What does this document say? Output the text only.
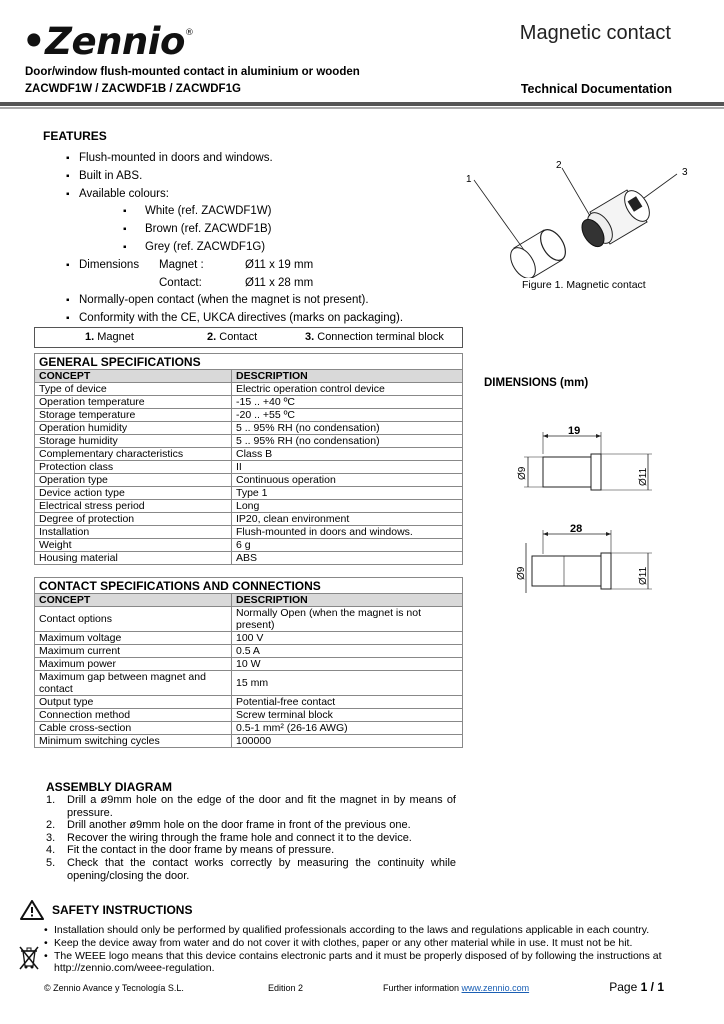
•Zennio®	Magnetic contact
Door/window flush-mounted contact in aluminium or wooden
ZACWDF1W / ZACWDF1B / ZACWDF1G	Technical Documentation
FEATURES
▪ Flush-mounted in doors and windows.
▪ Built in ABS.
▪ Available colours:
▪ White (ref. ZACWDF1W)
▪ Brown (ref. ZACWDF1B)
▪ Grey (ref. ZACWDF1G)
▪ Dimensions Magnet :	Ø11 x 19 mm
Contact:	Ø11 x 28 mm
▪ Normally-open contact (when the magnet is not present).
▪ Conformity with the CE, UKCA directives (marks on packaging).
1. Magnet	2. Contact	3. Connection terminal block
1
2
3
Figure 1. Magnetic contact
GENERAL SPECIFICATIONS	
CONCEPT	DESCRIPTION
Type of device	Electric operation control device
Operation temperature	-15 .. +40 ºC
Storage temperature	-20 .. +55 ºC
Operation humidity	5 .. 95% RH (no condensation)
Storage humidity	5 .. 95% RH (no condensation)
Complementary characteristics	Class B
Protection class	II
Operation type	Continuous operation
Device action type	Type 1
Electrical stress period	Long
Degree of protection	IP20, clean environment
Installation	Flush-mounted in doors and windows.
Weight	6 g
Housing material	ABS
CONTACT SPECIFICATIONS AND CONNECTIONS	
CONCEPT	DESCRIPTION
Contact options	Normally Open (when the magnet is not present)
Maximum voltage	100 V
Maximum current	0.5 A
Maximum power	10 W
Maximum gap between magnet and contact	15 mm
Output type	Potential-free contact
Connection method	Screw terminal block
Cable cross-section	0.5-1 mm² (26-16 AWG)
Minimum switching cycles	100000
DIMENSIONS (mm)
19
Ø9	Ø11
28
Ø9	Ø11
ASSEMBLY DIAGRAM
1. Drill a ø9mm hole on the edge of the door and fit the magnet in by means of pressure.
2. Drill another ø9mm hole on the door frame in front of the previous one.
3. Recover the wiring through the frame hole and connect it to the device.
4. Fit the contact in the door frame by means of pressure.
5. Check that the contact works correctly by measuring the continuity while opening/closing the door.
SAFETY INSTRUCTIONS
• Installation should only be performed by qualified professionals according to the laws and regulations applicable in each country.
• Keep the device away from water and do not cover it with clothes, paper or any other material while in use. It must not be hit.
• The WEEE logo means that this device contains electronic parts and it must be properly disposed of by following the instructions at http://zennio.com/weee-regulation.
© Zennio Avance y Tecnología S.L.	Edition 2	Further information www.zennio.com	Page 1 / 1
